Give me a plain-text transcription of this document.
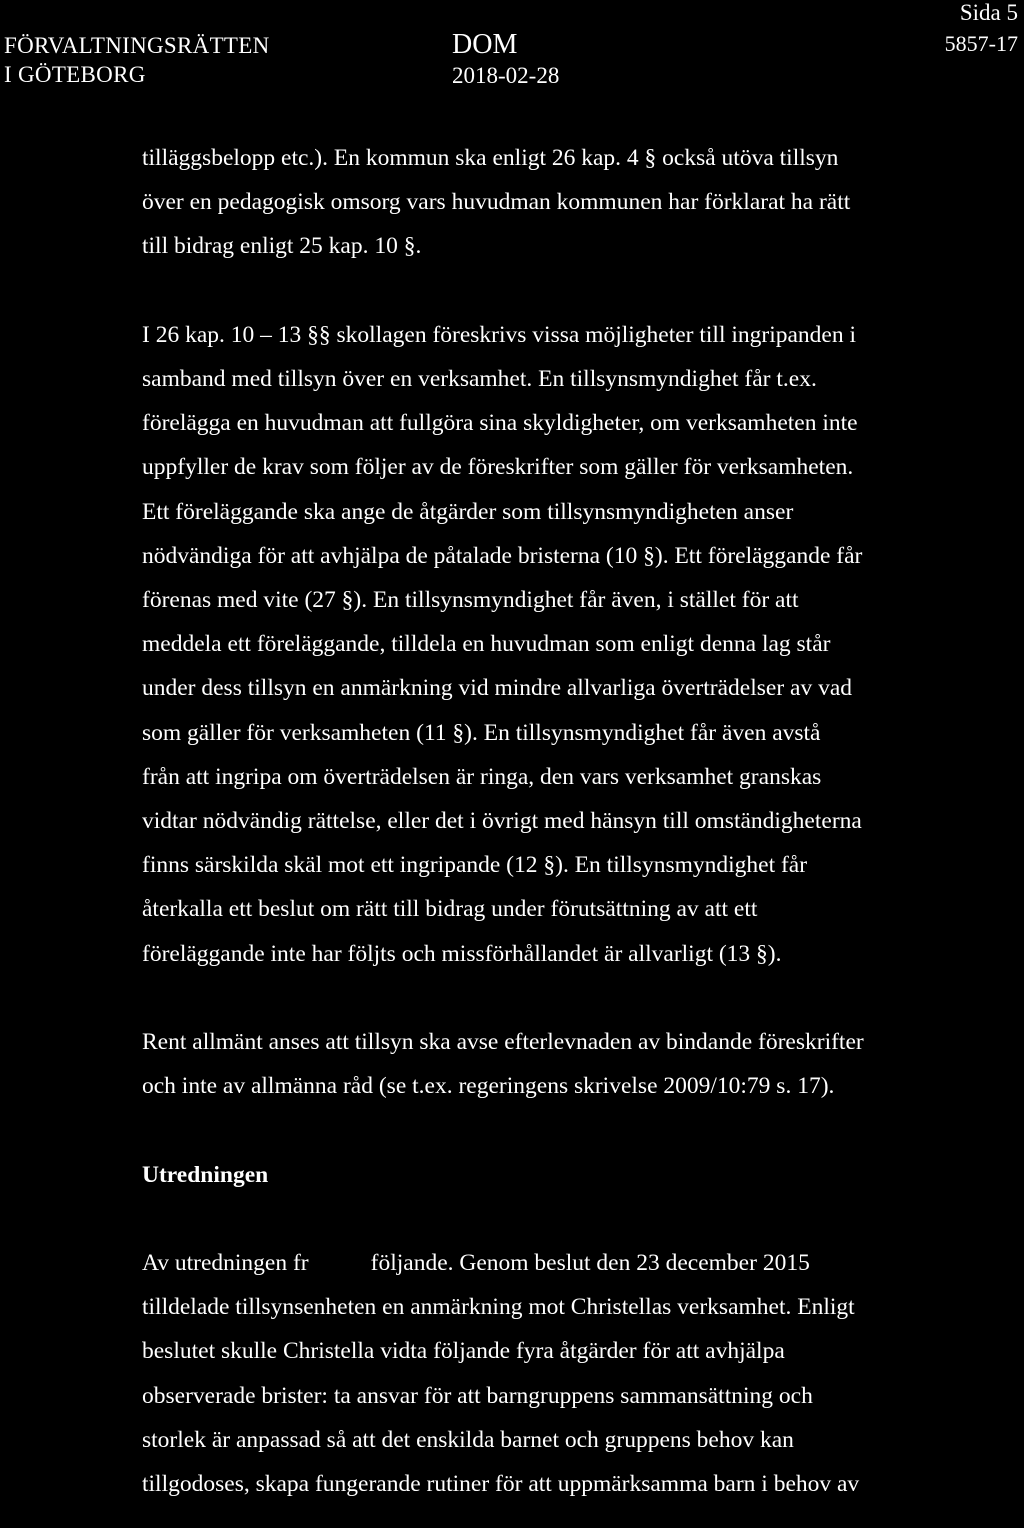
FÖRVALTNINGSRÄTTEN
I GÖTEBORG
DOM
2018-02-28
Sida 5
5857-17

tilläggsbelopp etc.). En kommun ska enligt 26 kap. 4 § också utöva tillsyn

över en pedagogisk omsorg vars huvudman kommunen har förklarat ha rätt

till bidrag enligt 25 kap. 10 §.

I 26 kap. 10 – 13 §§ skollagen föreskrivs vissa möjligheter till ingripanden i

samband med tillsyn över en verksamhet. En tillsynsmyndighet får t.ex.

förelägga en huvudman att fullgöra sina skyldigheter, om verksamheten inte

uppfyller de krav som följer av de föreskrifter som gäller för verksamheten.

Ett föreläggande ska ange de åtgärder som tillsynsmyndigheten anser

nödvändiga för att avhjälpa de påtalade bristerna (10 §). Ett föreläggande får

förenas med vite (27 §). En tillsynsmyndighet får även, i stället för att

meddela ett föreläggande, tilldela en huvudman som enligt denna lag står

under dess tillsyn en anmärkning vid mindre allvarliga överträdelser av vad

som gäller för verksamheten (11 §). En tillsynsmyndighet får även avstå

från att ingripa om överträdelsen är ringa, den vars verksamhet granskas

vidtar nödvändig rättelse, eller det i övrigt med hänsyn till omständigheterna

finns särskilda skäl mot ett ingripande (12 §). En tillsynsmyndighet får

återkalla ett beslut om rätt till bidrag under förutsättning av att ett

föreläggande inte har följts och missförhållandet är allvarligt (13 §).

Rent allmänt anses att tillsyn ska avse efterlevnaden av bindande föreskrifter

och inte av allmänna råd (se t.ex. regeringens skrivelse 2009/10:79 s. 17).

Utredningen

Av utredningen fr	följande. Genom beslut den 23 december 2015

tilldelade tillsynsenheten en anmärkning mot Christellas verksamhet. Enligt

beslutet skulle Christella vidta följande fyra åtgärder för att avhjälpa

observerade brister: ta ansvar för att barngruppens sammansättning och

storlek är anpassad så att det enskilda barnet och gruppens behov kan

tillgodoses, skapa fungerande rutiner för att uppmärksamma barn i behov av
